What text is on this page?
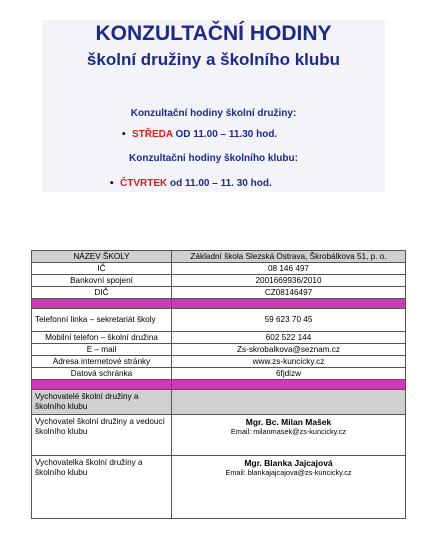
KONZULTAČNÍ HODINY
školní družiny a školního klubu
Konzultační hodiny školní družiny:
• STŘEDA OD 11.00 – 11.30 hod.
Konzultační hodiny školního klubu:
• ČTVRTEK od 11.00 – 11. 30 hod.
NÁZEV ŠKOLY	Základní škola Slezská Ostrava, Škrobálkova 51, p. o.
IČ	08 146 497
Bankovní spojení	2001669936/2010
DIČ	CZ08146497

Telefonní linka – sekretariát školy	59 623 70 45
Mobilní telefon – školní družina	602 522 144
E – mail	Zs-skrobalkova@seznam.cz
Adresa internetové stránky	www.zs-kuncicky.cz
Datová schránka	6fjdizw

Vychovatelé školní družiny a školního klubu	
Vychovatel školní družiny a vedoucí školního klubu	Mgr. Bc. Milan Mašek
Email: milanmasek@zs-kuncicky.cz

Vychovatelka školní družiny a školního klubu	Mgr. Blanka Jajcajová
Email: blankajajcajova@zs-kuncicky.cz
